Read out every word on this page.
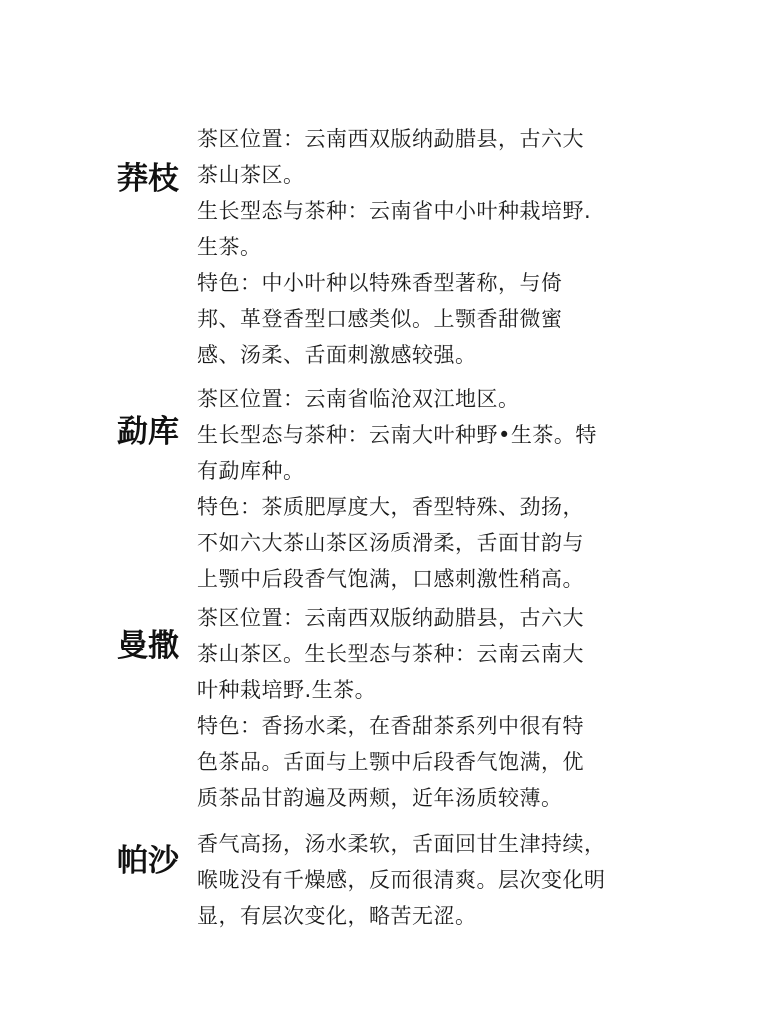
莽枝
茶区位置：云南西双版纳勐腊县，古六大
茶山茶区。
生长型态与茶种：云南省中小叶种栽培野.
生茶。
特色：中小叶种以特殊香型著称，与倚
邦、革登香型口感类似。上颚香甜微蜜
感、汤柔、舌面刺激感较强。
勐库
茶区位置：云南省临沧双江地区。
生长型态与茶种：云南大叶种野•生茶。特
有勐库种。
特色：茶质肥厚度大，香型特殊、劲扬，
不如六大茶山茶区汤质滑柔，舌面甘韵与
上颚中后段香气饱满，口感刺激性稍高。
曼撒
茶区位置：云南西双版纳勐腊县，古六大
茶山茶区。生长型态与茶种：云南云南大
叶种栽培野.生茶。
特色：香扬水柔，在香甜茶系列中很有特
色茶品。舌面与上颚中后段香气饱满，优
质茶品甘韵遍及两颊，近年汤质较薄。
帕沙 香气高扬，汤水柔软，舌面回甘生津持续，
喉咙没有千燥感，反而很清爽。层次变化明
显，有层次变化，略苦无涩。
